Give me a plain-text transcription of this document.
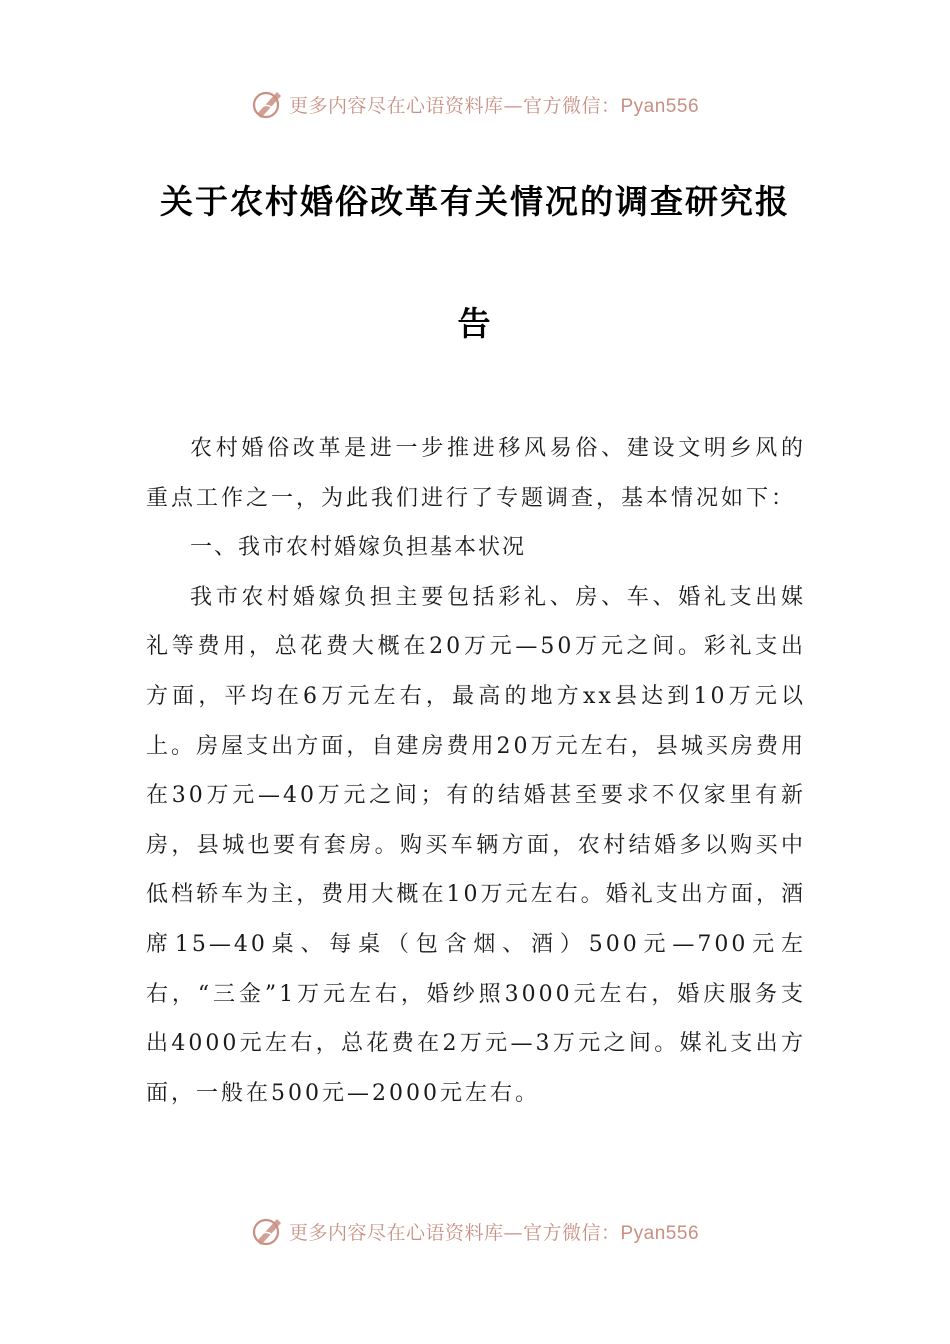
更多内容尽在心语资料库—官方微信：Pyan556
关于农村婚俗改革有关情况的调查研究报
告

农村婚俗改革是进一步推进移风易俗、建设文明乡风的重点工作之一，为此我们进行了专题调查，基本情况如下：

一、我市农村婚嫁负担基本状况

我市农村婚嫁负担主要包括彩礼、房、车、婚礼支出媒礼等费用，总花费大概在20万元—50万元之间。彩礼支出方面，平均在6万元左右，最高的地方xx县达到10万元以上。房屋支出方面，自建房费用20万元左右，县城买房费用在30万元—40万元之间；有的结婚甚至要求不仅家里有新房，县城也要有套房。购买车辆方面，农村结婚多以购买中低档轿车为主，费用大概在10万元左右。婚礼支出方面，酒席15—40桌、每桌（包含烟、酒）500元—700元左右，“三金”1万元左右，婚纱照3000元左右，婚庆服务支出4000元左右，总花费在2万元—3万元之间。媒礼支出方面，一般在500元—2000元左右。

更多内容尽在心语资料库—官方微信：Pyan556
